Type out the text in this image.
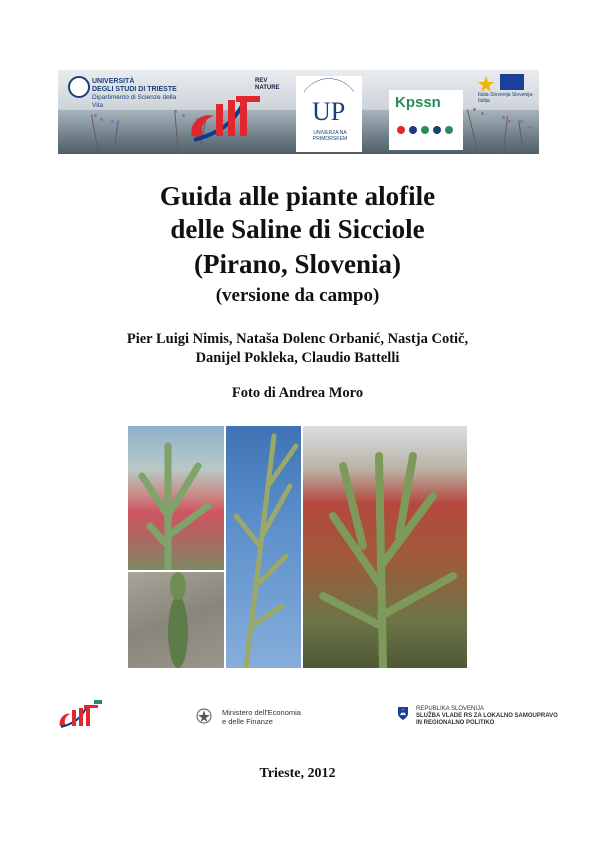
UNIVERSITÀ
DEGLI STUDI DI TRIESTE
Dipartimento di Scienze della Vita
REV NATURE
UP
UNIVERZA NA PRIMORSKEM
Kpssn	Italia-Slovenija Slovenija-Italija
Guida alle piante alofile
delle Saline di Sicciole
(Pirano, Slovenia)
(versione da campo)
Pier Luigi Nimis, Nataša Dolenc Orbanić, Nastja Cotič,
Danijel Pokleka, Claudio Battelli
Foto di Andrea Moro
Ministero dell'Economia
e delle Finanze
REPUBLIKA SLOVENIJA
SLUŽBA VLADE RS ZA LOKALNO SAMOUPRAVO
IN REGIONALNO POLITIKO
Trieste, 2012
